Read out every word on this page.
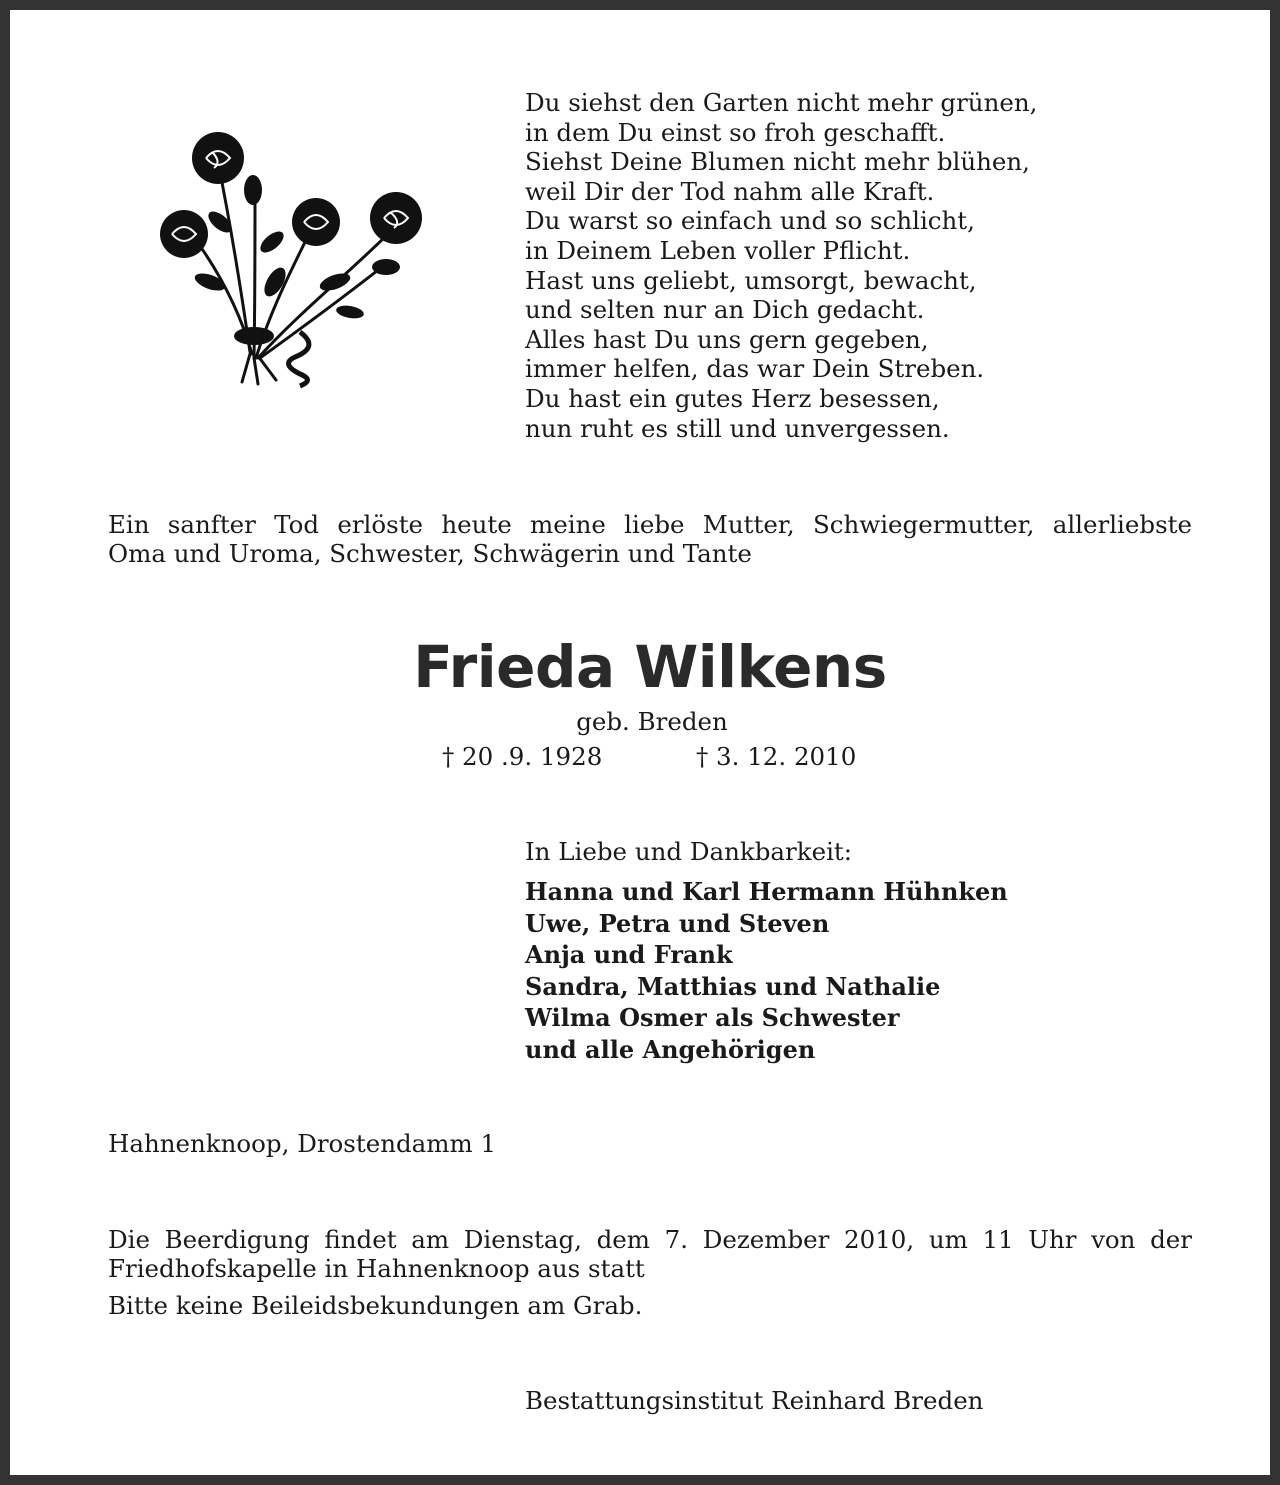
Du siehst den Garten nicht mehr grünen,
in dem Du einst so froh geschafft.
Siehst Deine Blumen nicht mehr blühen,
weil Dir der Tod nahm alle Kraft.
Du warst so einfach und so schlicht,
in Deinem Leben voller Pflicht.
Hast uns geliebt, umsorgt, bewacht,
und selten nur an Dich gedacht.
Alles hast Du uns gern gegeben,
immer helfen, das war Dein Streben.
Du hast ein gutes Herz besessen,
nun ruht es still und unvergessen.
Ein sanfter Tod erlöste heute meine liebe Mutter, Schwiegermutter, allerliebste
Oma und Uroma, Schwester, Schwägerin und Tante
Frieda Wilkens
geb. Breden
† 20 .9. 1928	† 3. 12. 2010
In Liebe und Dankbarkeit:
Hanna und Karl Hermann Hühnken
Uwe, Petra und Steven
Anja und Frank
Sandra, Matthias und Nathalie
Wilma Osmer als Schwester
und alle Angehörigen
Hahnenknoop, Drostendamm 1
Die Beerdigung findet am Dienstag, dem 7. Dezember 2010, um 11 Uhr von der
Friedhofskapelle in Hahnenknoop aus statt
Bitte keine Beileidsbekundungen am Grab.
Bestattungsinstitut Reinhard Breden
